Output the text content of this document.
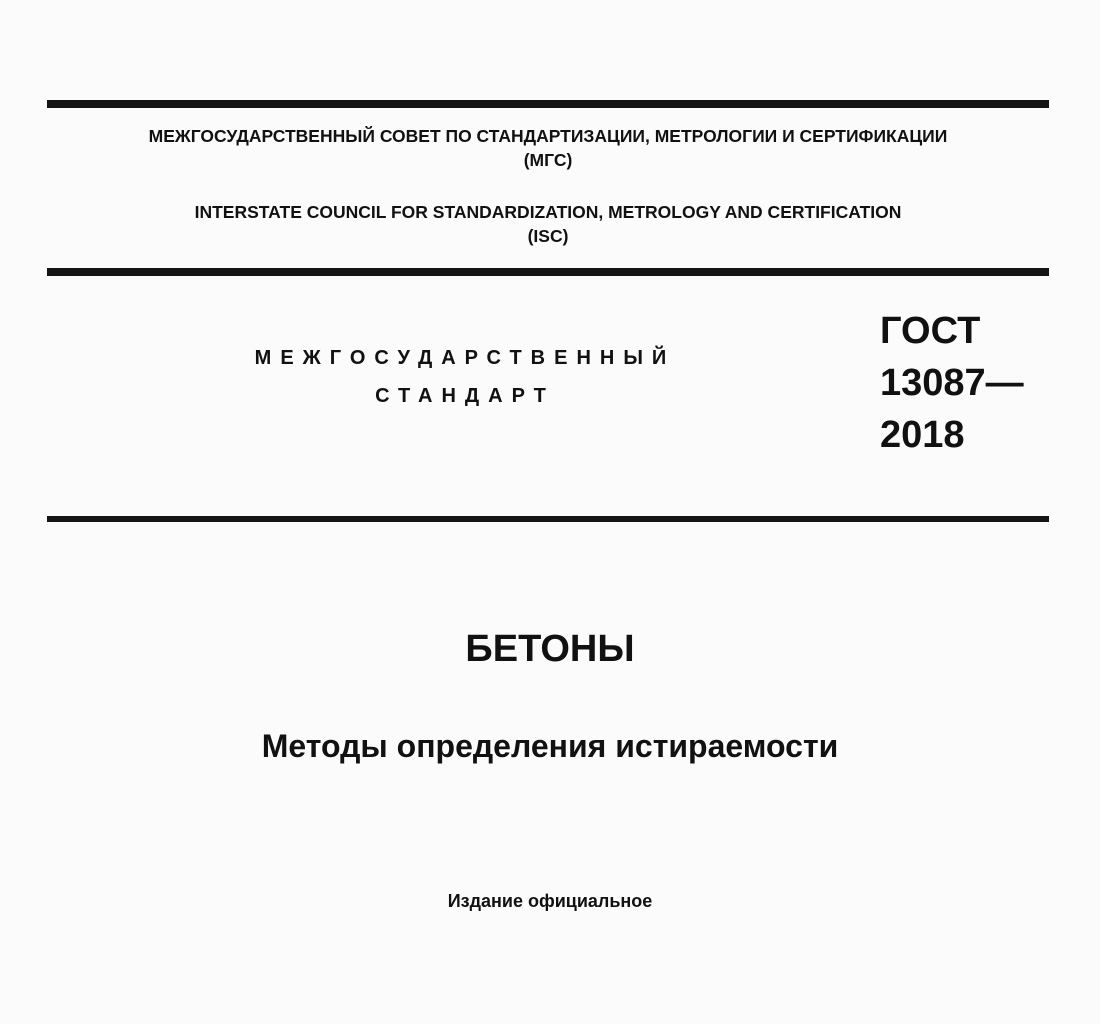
МЕЖГОСУДАРСТВЕННЫЙ СОВЕТ ПО СТАНДАРТИЗАЦИИ, МЕТРОЛОГИИ И СЕРТИФИКАЦИИ
(МГС)
INTERSTATE COUNCIL FOR STANDARDIZATION, METROLOGY AND CERTIFICATION
(ISC)
МЕЖГОСУДАРСТВЕННЫЙ
СТАНДАРТ
ГОСТ
13087—
2018
БЕТОНЫ
Методы определения истираемости
Издание официальное
